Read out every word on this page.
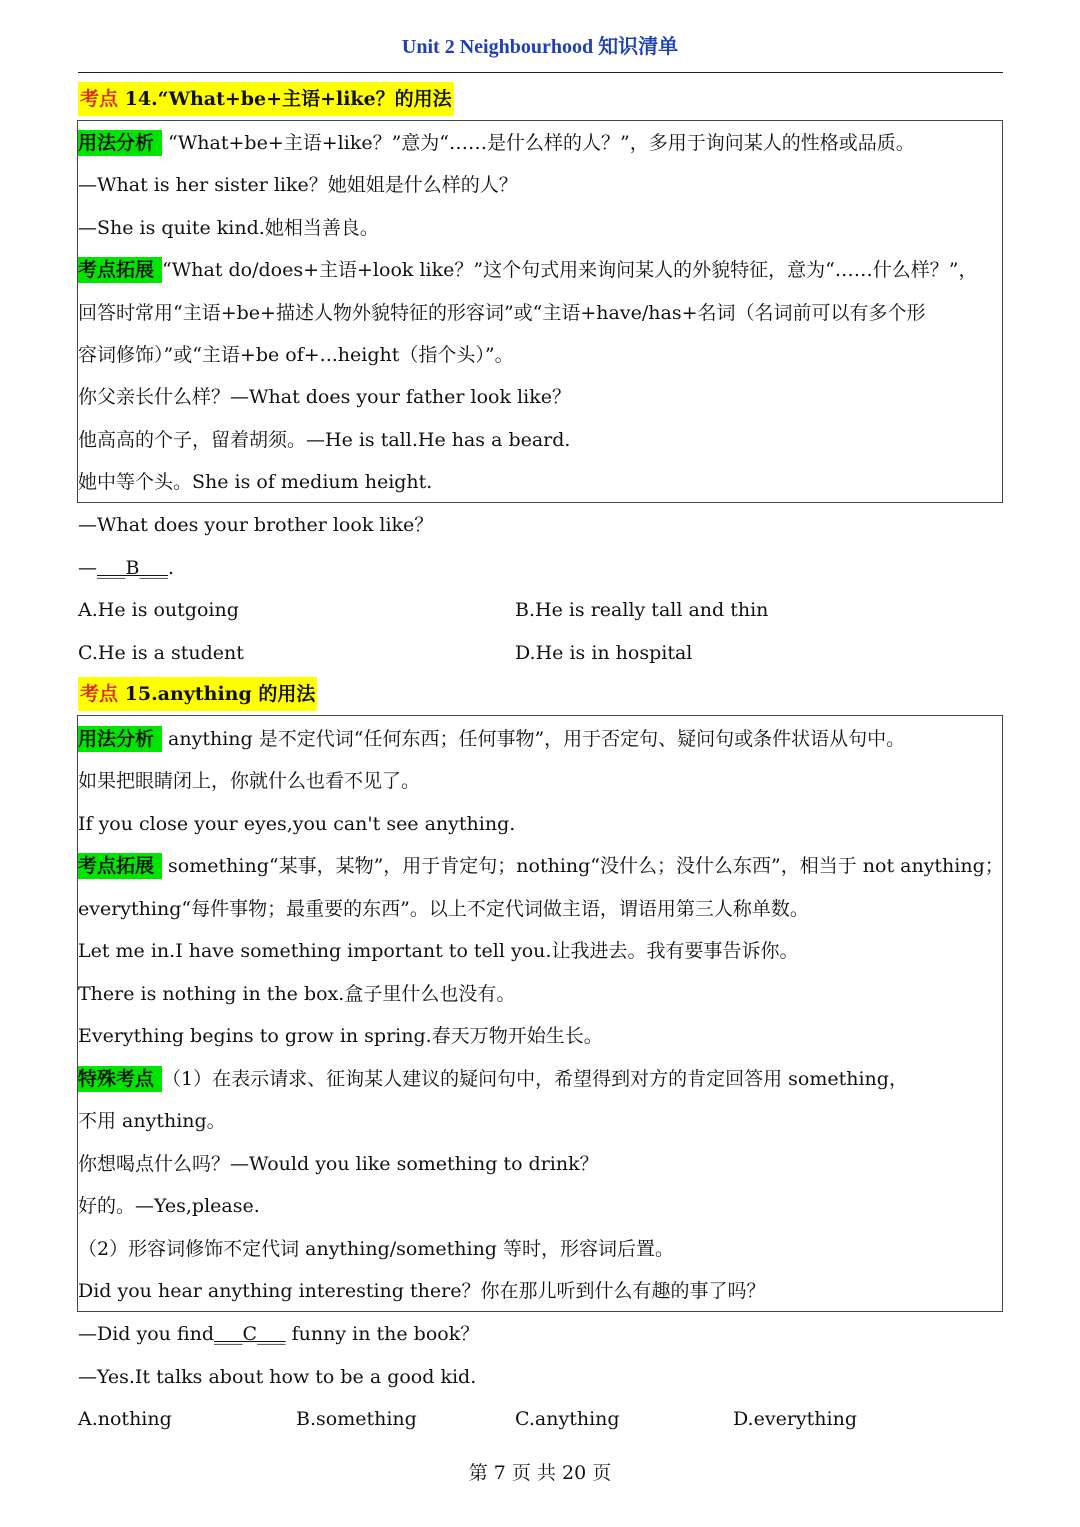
Unit 2 Neighbourhood 知识清单
考点 14.“What+be+主语+like？的用法
用法分析 “What+be+主语+like？”意为“……是什么样的人？”，多用于询问某人的性格或品质。
—What is her sister like？她姐姐是什么样的人？
—She is quite kind.她相当善良。
考点拓展 “What do/does+主语+look like？”这个句式用来询问某人的外貌特征，意为“……什么样？”，
回答时常用“主语+be+描述人物外貌特征的形容词”或“主语+have/has+名词（名词前可以有多个形
容词修饰）”或“主语+be of+...height（指个头）”。
你父亲长什么样？—What does your father look like？
他高高的个子，留着胡须。—He is tall.He has a beard.
她中等个头。She is of medium height.
—What does your brother look like？
—___B___.
A.He is outgoing	B.He is really tall and thin
C.He is a student	D.He is in hospital
考点 15.anything 的用法
用法分析 anything 是不定代词“任何东西；任何事物”，用于否定句、疑问句或条件状语从句中。
如果把眼睛闭上，你就什么也看不见了。
If you close your eyes,you can't see anything.
考点拓展 something“某事，某物”，用于肯定句；nothing“没什么；没什么东西”，相当于 not anything；
everything“每件事物；最重要的东西”。以上不定代词做主语，谓语用第三人称单数。
Let me in.I have something important to tell you.让我进去。我有要事告诉你。
There is nothing in the box.盒子里什么也没有。
Everything begins to grow in spring.春天万物开始生长。
特殊考点 （1）在表示请求、征询某人建议的疑问句中，希望得到对方的肯定回答用 something，
不用 anything。
你想喝点什么吗？—Would you like something to drink？
好的。—Yes,please.
（2）形容词修饰不定代词 anything/something 等时，形容词后置。
Did you hear anything interesting there？你在那儿听到什么有趣的事了吗？
—Did you find___C___ funny in the book？
—Yes.It talks about how to be a good kid.
A.nothing	B.something	C.anything	D.everything
第 7 页 共 20 页
